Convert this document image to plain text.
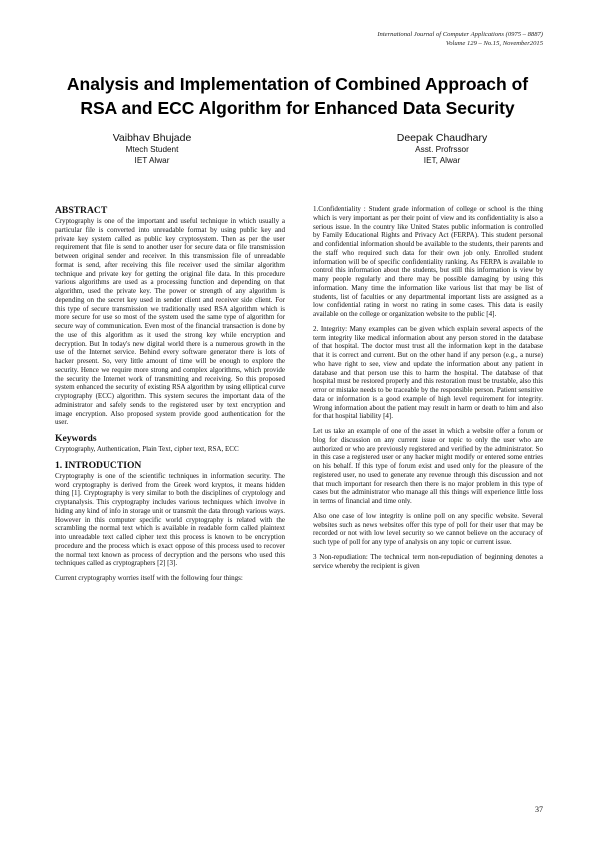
International Journal of Computer Applications (0975 – 8887)
Volume 129 – No.15, November2015
Analysis and Implementation of Combined Approach of
RSA and ECC Algorithm for Enhanced Data Security
Vaibhav Bhujade
Mtech Student
IET Alwar
Deepak Chaudhary
Asst. Profrssor
IET, Alwar
ABSTRACT

Cryptography is one of the important and useful technique in which usually a particular file is converted into unreadable format by using public key and private key system called as public key cryptosystem. Then as per the user requirement that file is send to another user for secure data or file transmission between original sender and receiver. In this transmission file of unreadable format is send, after receiving this file receiver used the similar algorithm technique and private key for getting the original file data. In this procedure various algorithms are used as a processing function and depending on that algorithm, used the private key. The power or strength of any algorithm is depending on the secret key used in sender client and receiver side client. For this type of secure transmission we traditionally used RSA algorithm which is more secure for use so most of the system used the same type of algorithm for secure way of communication. Even most of the financial transaction is done by the use of this algorithm as it used the strong key while encryption and decryption. But In today's new digital world there is a numerous growth in the use of the Internet service. Behind every software generator there is lots of hacker present. So, very little amount of time will be enough to explore the security. Hence we require more strong and complex algorithms, which provide the security the Internet work of transmitting and receiving. So this proposed system enhanced the security of existing RSA algorithm by using elliptical curve cryptography (ECC) algorithm. This system secures the important data of the administrator and safely sends to the registered user by text encryption and image encryption. Also proposed system provide good authentication for the user.

Keywords

Cryptography, Authentication, Plain Text, cipher text, RSA, ECC

1. INTRODUCTION

Cryptography is one of the scientific techniques in information security. The word cryptography is derived from the Greek word kryptos, it means hidden thing [1]. Cryptography is very similar to both the disciplines of cryptology and cryptanalysis. This cryptography includes various techniques which involve in hiding any kind of info in storage unit or transmit the data through various ways. However in this computer specific world cryptography is related with the scrambling the normal text which is available in readable form called plaintext into unreadable text called cipher text this process is known to be encryption procedure and the process which is exact oppose of this process used to recover the normal text known as process of decryption and the persons who used this techniques called as cryptographers [2] [3].

Current cryptography worries itself with the following four things:

1.Confidentiality : Student grade information of college or school is the thing which is very important as per their point of view and its confidentiality is also a serious issue. In the country like United States public information is controlled by Family Educational Rights and Privacy Act (FERPA). This student personal and confidential information should be available to the students, their parents and the staff who required such data for their own job only. Enrolled student information will be of specific confidentiality ranking. As FERPA is available to control this information about the students, but still this information is view by many people regularly and there may be possible damaging by using this information. Many time the information like various list that may be list of students, list of faculties or any departmental important lists are assigned as a low confidential rating in worst no rating in some cases. This data is easily available on the college or organization website to the public [4].

2. Integrity: Many examples can be given which explain several aspects of the term integrity like medical information about any person stored in the database of that hospital. The doctor must trust all the information kept in the database that it is correct and current. But on the other hand if any person (e.g., a nurse) who have right to see, view and update the information about any patient in database and that person use this to harm the hospital. The database of that hospital must be restored properly and this restoration must be trustable, also this error or mistake needs to be traceable by the responsible person. Patient sensitive data or information is a good example of high level requirement for integrity. Wrong information about the patient may result in harm or death to him and also for that hospital liability [4].

Let us take an example of one of the asset in which a website offer a forum or blog for discussion on any current issue or topic to only the user who are authorized or who are previously registered and verified by the administrator. So in this case a registered user or any hacker might modify or entered some entries on his behalf. If this type of forum exist and used only for the pleasure of the registered user, no used to generate any revenue through this discussion and not that much important for research then there is no major problem in this type of cases but the administrator who manage all this things will experience little loss in terms of financial and time only.

Also one case of low integrity is online poll on any specific website. Several websites such as news websites offer this type of poll for their user that may be recorded or not with low level security so we cannot believe on the accuracy of such type of poll for any type of analysis on any topic or current issue.

3 Non-repudiation: The technical term non-repudiation of beginning denotes a service whereby the recipient is given

37
